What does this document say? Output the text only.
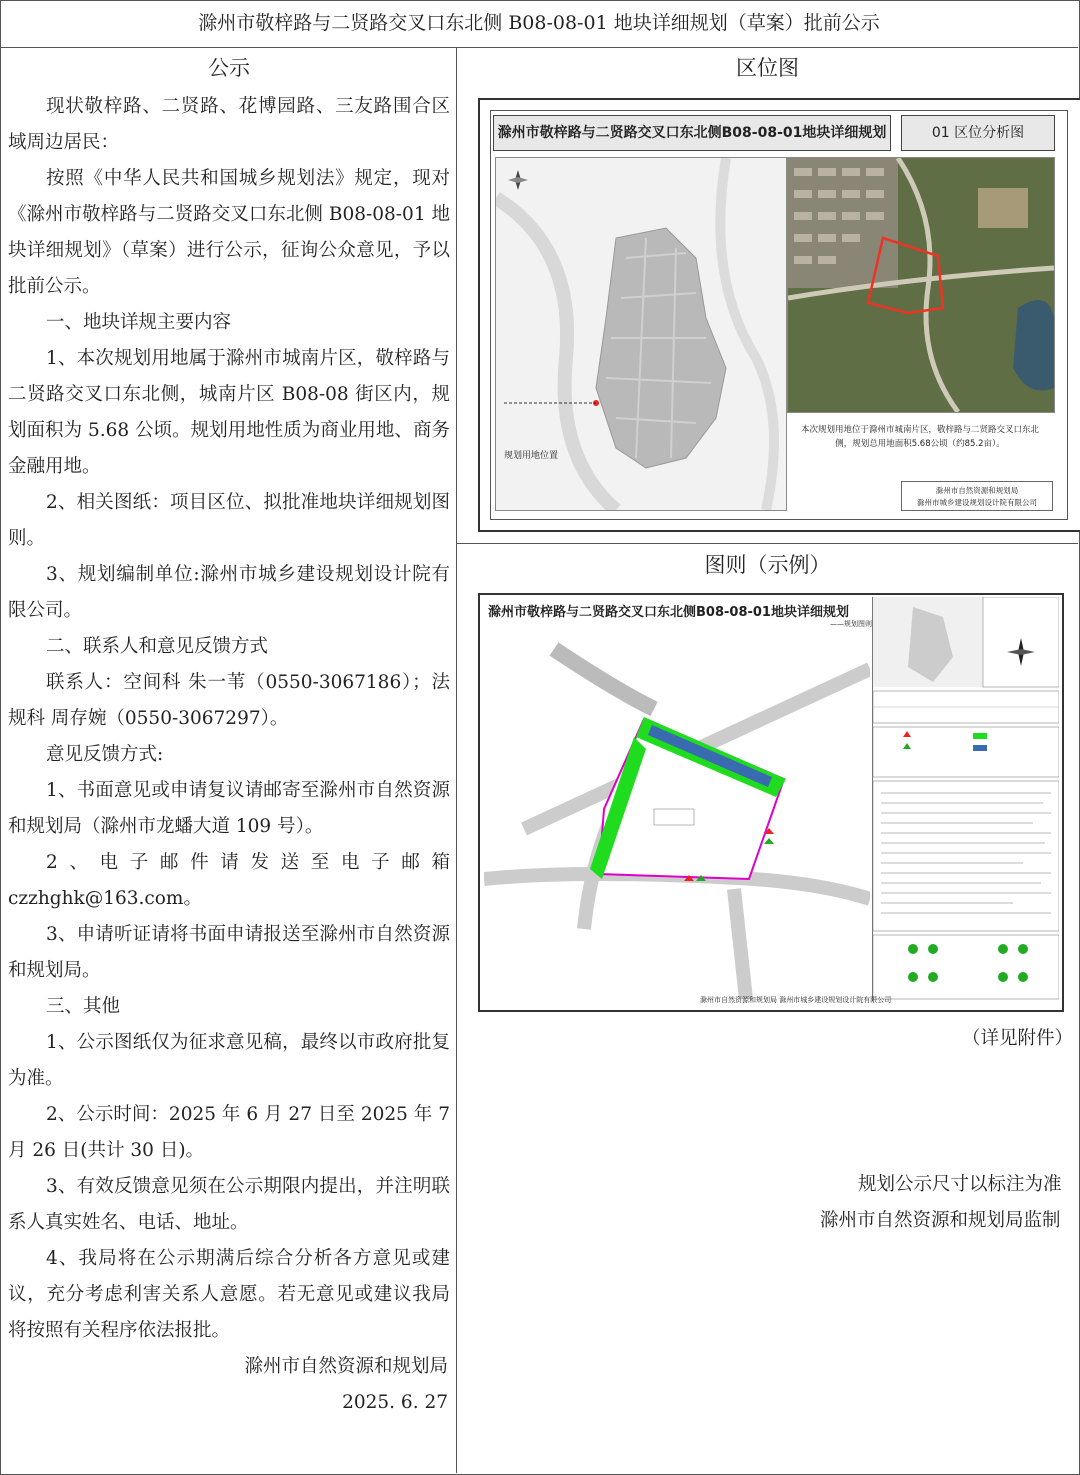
滁州市敬梓路与二贤路交叉口东北侧 B08-08-01 地块详细规划（草案）批前公示
公示

现状敬梓路、二贤路、花博园路、三友路围合区域周边居民：

按照《中华人民共和国城乡规划法》规定，现对《滁州市敬梓路与二贤路交叉口东北侧 B08-08-01 地块详细规划》（草案）进行公示，征询公众意见，予以批前公示。

一、地块详规主要内容

1、本次规划用地属于滁州市城南片区，敬梓路与二贤路交叉口东北侧，城南片区 B08-08 街区内，规划面积为 5.68 公顷。规划用地性质为商业用地、商务金融用地。

2、相关图纸：项目区位、拟批准地块详细规划图则。

3、规划编制单位:滁州市城乡建设规划设计院有限公司。

二、联系人和意见反馈方式

联系人：空间科 朱一苇（0550-3067186）；法规科 周存婉（0550-3067297）。

意见反馈方式:

1、书面意见或申请复议请邮寄至滁州市自然资源和规划局（滁州市龙蟠大道 109 号）。

2、电子邮件请发送至电子邮箱 czzhghk@163.com。

3、申请听证请将书面申请报送至滁州市自然资源和规划局。

三、其他

1、公示图纸仅为征求意见稿，最终以市政府批复为准。

2、公示时间：2025 年 6 月 27 日至 2025 年 7 月 26 日(共计 30 日)。

3、有效反馈意见须在公示期限内提出，并注明联系人真实姓名、电话、地址。

4、我局将在公示期满后综合分析各方意见或建议，充分考虑利害关系人意愿。若无意见或建议我局将按照有关程序依法报批。

滁州市自然资源和规划局

2025. 6. 27

区位图
滁州市敬梓路与二贤路交叉口东北侧B08-08-01地块详细规划	01 区位分析图
规划用地位置
本次规划用地位于滁州市城南片区，敬梓路与二贤路交叉口东北侧，规划总用地面积5.68公顷（约85.2亩）。
滁州市自然资源和规划局
滁州市城乡建设规划设计院有限公司
图则（示例）
滁州市敬梓路与二贤路交叉口东北侧B08-08-01地块详细规划
——规划图则
滁州市自然资源和规划局 滁州市城乡建设规划设计院有限公司
（详见附件）
规划公示尺寸以标注为准
滁州市自然资源和规划局监制
